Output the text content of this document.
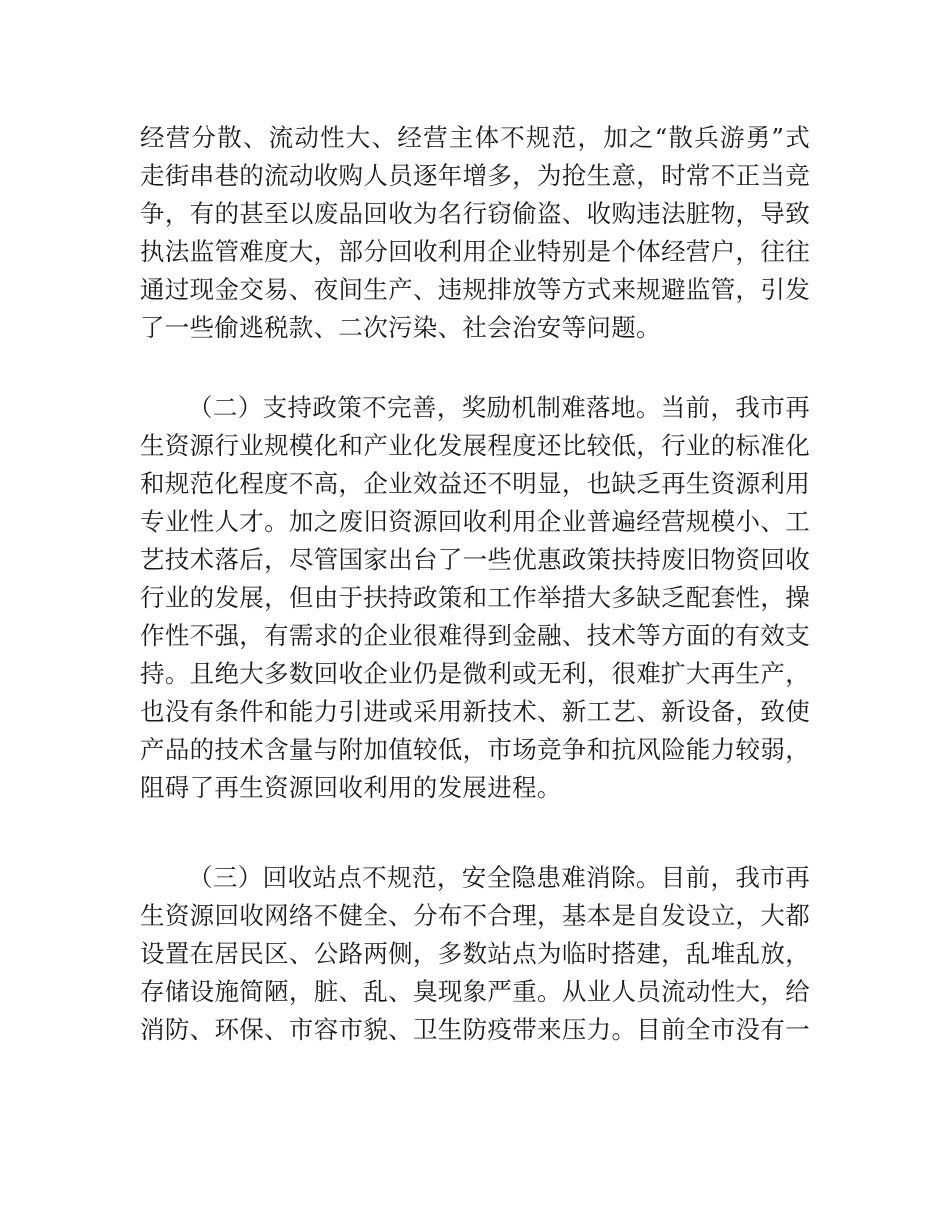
经营分散、流动性大、经营主体不规范，加之“散兵游勇”式
走街串巷的流动收购人员逐年增多，为抢生意，时常不正当竞
争，有的甚至以废品回收为名行窃偷盗、收购违法脏物，导致
执法监管难度大，部分回收利用企业特别是个体经营户，往往
通过现金交易、夜间生产、违规排放等方式来规避监管，引发
了一些偷逃税款、二次污染、社会治安等问题。
（二）支持政策不完善，奖励机制难落地。当前，我市再
生资源行业规模化和产业化发展程度还比较低，行业的标准化
和规范化程度不高，企业效益还不明显，也缺乏再生资源利用
专业性人才。加之废旧资源回收利用企业普遍经营规模小、工
艺技术落后，尽管国家出台了一些优惠政策扶持废旧物资回收
行业的发展，但由于扶持政策和工作举措大多缺乏配套性，操
作性不强，有需求的企业很难得到金融、技术等方面的有效支
持。且绝大多数回收企业仍是微利或无利，很难扩大再生产，
也没有条件和能力引进或采用新技术、新工艺、新设备，致使
产品的技术含量与附加值较低，市场竞争和抗风险能力较弱，
阻碍了再生资源回收利用的发展进程。
（三）回收站点不规范，安全隐患难消除。目前，我市再
生资源回收网络不健全、分布不合理，基本是自发设立，大都
设置在居民区、公路两侧，多数站点为临时搭建，乱堆乱放，
存储设施简陋，脏、乱、臭现象严重。从业人员流动性大，给
消防、环保、市容市貌、卫生防疫带来压力。目前全市没有一
